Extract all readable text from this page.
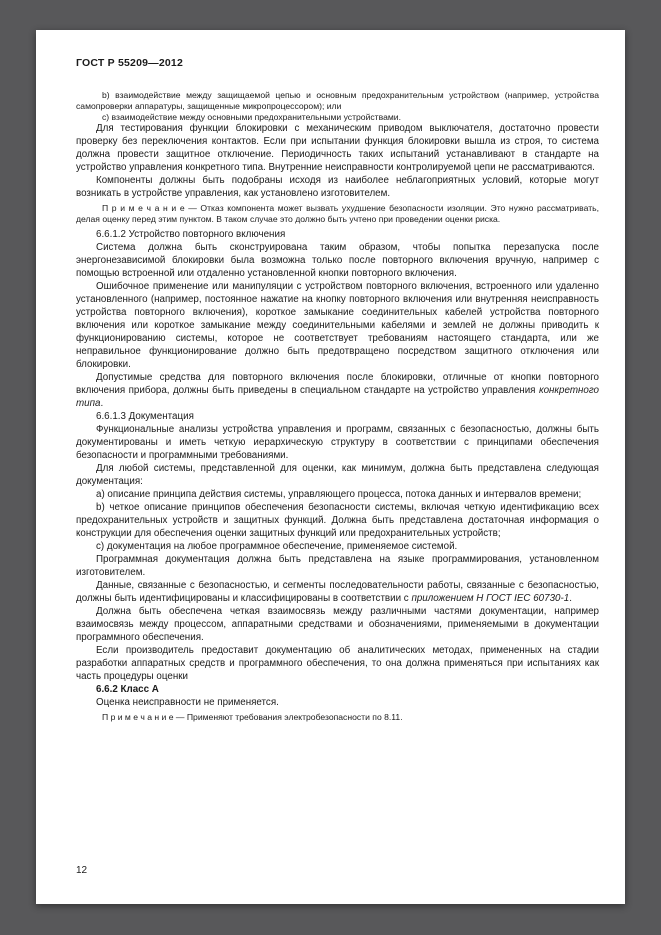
ГОСТ Р 55209—2012

b) взаимодействие между защищаемой цепью и основным предохранительным устройством (например, устройства самопроверки аппаратуры, защищенные микропроцессором); или

c) взаимодействие между основными предохранительными устройствами.

Для тестирования функции блокировки с механическим приводом выключателя, достаточно провести проверку без переключения контактов. Если при испытании функция блокировки вышла из строя, то система должна провести защитное отключение. Периодичность таких испытаний устанавливают в стандарте на устройство управления конкретного типа. Внутренние неисправности контролируемой цепи не рассматриваются.

Компоненты должны быть подобраны исходя из наиболее неблагоприятных условий, которые могут возникать в устройстве управления, как установлено изготовителем.

П р и м е ч а н и е — Отказ компонента может вызвать ухудшение безопасности изоляции. Это нужно рассматривать, делая оценку перед этим пунктом. В таком случае это должно быть учтено при проведении оценки риска.

6.6.1.2 Устройство повторного включения

Система должна быть сконструирована таким образом, чтобы попытка перезапуска после энергонезависимой блокировки была возможна только после повторного включения вручную, например с помощью встроенной или отдаленно установленной кнопки повторного включения.

Ошибочное применение или манипуляции с устройством повторного включения, встроенного или удаленно установленного (например, постоянное нажатие на кнопку повторного включения или внутренняя неисправность устройства повторного включения), короткое замыкание соединительных кабелей устройства повторного включения или короткое замыкание между соединительными кабелями и землей не должны приводить к функционированию системы, которое не соответствует требованиям настоящего стандарта, или же неправильное функционирование должно быть предотвращено посредством защитного отключения или блокировки.

Допустимые средства для повторного включения после блокировки, отличные от кнопки повторного включения прибора, должны быть приведены в специальном стандарте на устройство управления конкретного типа.

6.6.1.3 Документация

Функциональные анализы устройства управления и программ, связанных с безопасностью, должны быть документированы и иметь четкую иерархическую структуру в соответствии с принципами обеспечения безопасности и программными требованиями.

Для любой системы, представленной для оценки, как минимум, должна быть представлена следующая документация:

a) описание принципа действия системы, управляющего процесса, потока данных и интервалов времени;

b) четкое описание принципов обеспечения безопасности системы, включая четкую идентификацию всех предохранительных устройств и защитных функций. Должна быть представлена достаточная информация о конструкции для обеспечения оценки защитных функций или предохранительных устройств;

c) документация на любое программное обеспечение, применяемое системой.

Программная документация должна быть представлена на языке программирования, установленном изготовителем.

Данные, связанные с безопасностью, и сегменты последовательности работы, связанные с безопасностью, должны быть идентифицированы и классифицированы в соответствии с приложением Н ГОСТ IEC 60730-1.

Должна быть обеспечена четкая взаимосвязь между различными частями документации, например взаимосвязь между процессом, аппаратными средствами и обозначениями, применяемыми в документации программного обеспечения.

Если производитель предоставит документацию об аналитических методах, примененных на стадии разработки аппаратных средств и программного обеспечения, то она должна применяться при испытаниях как часть процедуры оценки

6.6.2 Класс А

Оценка неисправности не применяется.

П р и м е ч а н и е — Применяют требования электробезопасности по 8.11.

12
